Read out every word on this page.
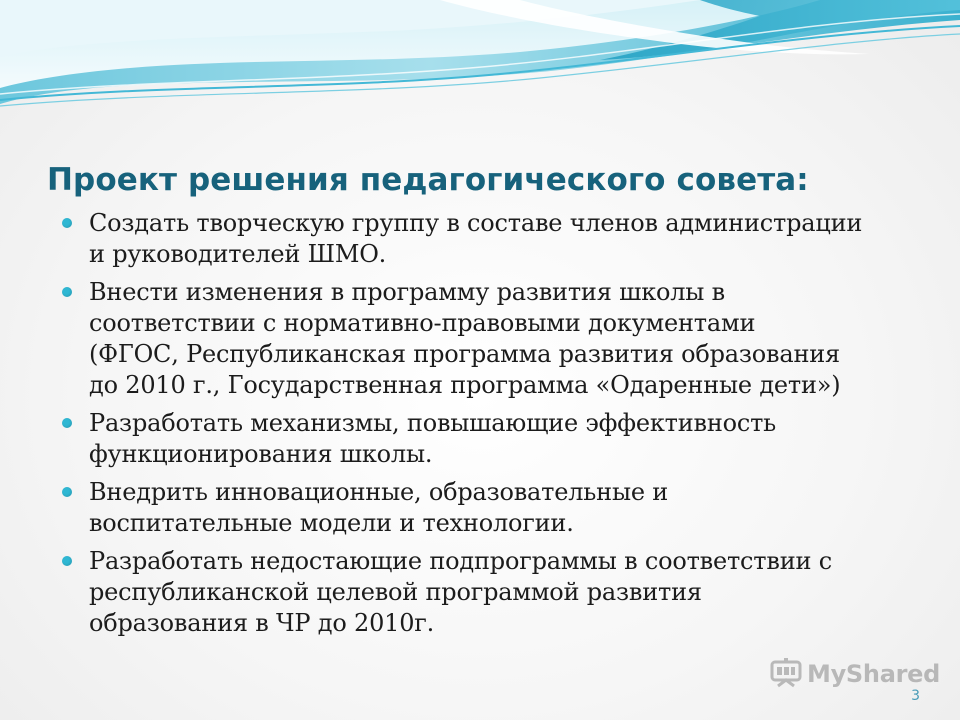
Проект решения педагогического совета:
Создать творческую группу в составе членов администрации
и руководителей ШМО.
Внести изменения в программу развития школы в
соответствии с нормативно-правовыми документами
(ФГОС, Республиканская программа развития образования
до 2010 г., Государственная программа «Одаренные дети»)
Разработать механизмы, повышающие эффективность
функционирования школы.
Внедрить инновационные, образовательные и
воспитательные модели и технологии.
Разработать недостающие подпрограммы в соответствии с
республиканской целевой программой развития
образования в ЧР до 2010г.
MyShared
3
